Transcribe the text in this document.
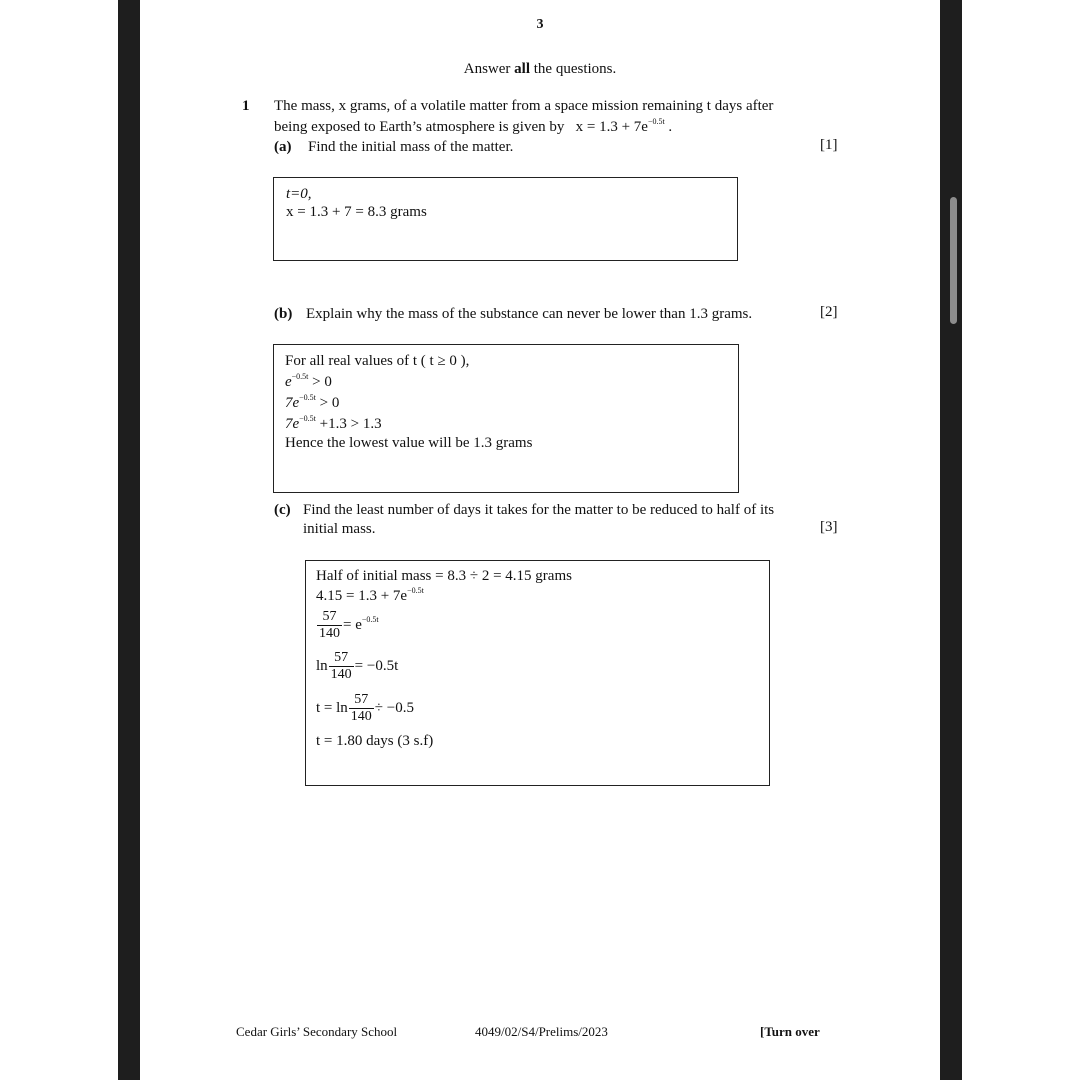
3
Answer all the questions.
1 The mass, x grams, of a volatile matter from a space mission remaining t days after
being exposed to Earth’s atmosphere is given by $x = 1.3 + 7e^{-0.5t}$ .
(a) Find the initial mass of the matter.	[1]
t=0,
x = 1.3 + 7 = 8.3 grams
(b) Explain why the mass of the substance can never be lower than 1.3 grams.	[2]
For all real values of t ( t ≥ 0 ),
$e^{-0.5t} > 0$
$7e^{-0.5t} > 0$
$7e^{-0.5t} +1.3 > 1.3$
Hence the lowest value will be 1.3 grams
(c) Find the least number of days it takes for the matter to be reduced to half of its
initial mass.	[3]
Half of initial mass = 8.3 ÷ 2 = 4.15 grams
$4.15 = 1.3 + 7e^{-0.5t}$
$\frac{57}{140} = e^{-0.5t}$
$\ln \frac{57}{140} = -0.5t$
$t = \ln \frac{57}{140} \div -0.5$
t = 1.80 days (3 s.f)
Cedar Girls’ Secondary School	4049/02/S4/Prelims/2023	[Turn over
